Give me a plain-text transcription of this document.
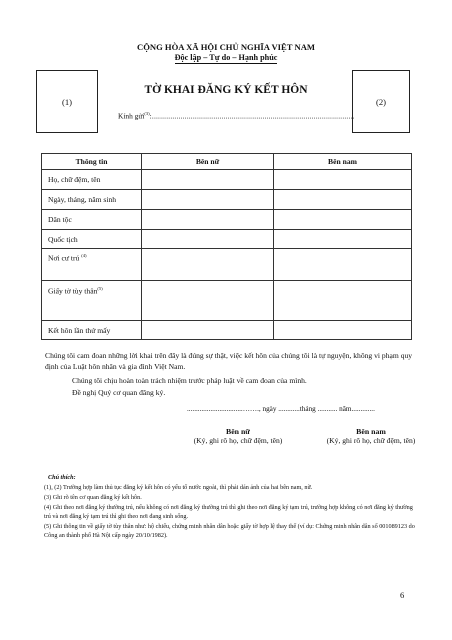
CỘNG HÒA XÃ HỘI CHỦ NGHĨA VIỆT NAM
Độc lập – Tự do – Hạnh phúc
(1)	(2)
TỜ KHAI ĐĂNG KÝ KẾT HÔN
Kính gửi$^{(3)}$:...................................................................................................
Thông tin	Bên nữ	Bên nam
Họ, chữ đệm, tên		
Ngày, tháng, năm sinh		
Dân tộc		
Quốc tịch		
Nơi cư trú $^{(4)}$		
Giấy tờ tùy thân$^{(5)}$		
Kết hôn lần thứ mấy		
Chúng tôi cam đoan những lời khai trên đây là đúng sự thật, việc kết hôn của chúng tôi là tự nguyện, không vi phạm quy định của Luật hôn nhân và gia đình Việt Nam.
Chúng tôi chịu hoàn toàn trách nhiệm trước pháp luật về cam đoan của mình.
Đề nghị Quý cơ quan đăng ký.
...............................……., ngày ............tháng ........... năm.............
Bên nữ
(Ký, ghi rõ họ, chữ đệm, tên)
Bên nam
(Ký, ghi rõ họ, chữ đệm, tên)
Chú thích:
(1), (2) Trường hợp làm thủ tục đăng ký kết hôn có yếu tố nước ngoài, thì phải dán ảnh của hai bên nam, nữ.
(3) Ghi rõ tên cơ quan đăng ký kết hôn.
(4) Ghi theo nơi đăng ký thường trú, nếu không có nơi đăng ký thường trú thì ghi theo nơi đăng ký tạm trú, trường hợp không có nơi đăng ký thường trú và nơi đăng ký tạm trú thì ghi theo nơi đang sinh sống.
(5) Ghi thông tin về giấy tờ tùy thân như: hộ chiếu, chứng minh nhân dân hoặc giấy tờ hợp lệ thay thế (ví dụ: Chứng minh nhân dân số 001089123 do Công an thành phố Hà Nội cấp ngày 20/10/1982).
6
